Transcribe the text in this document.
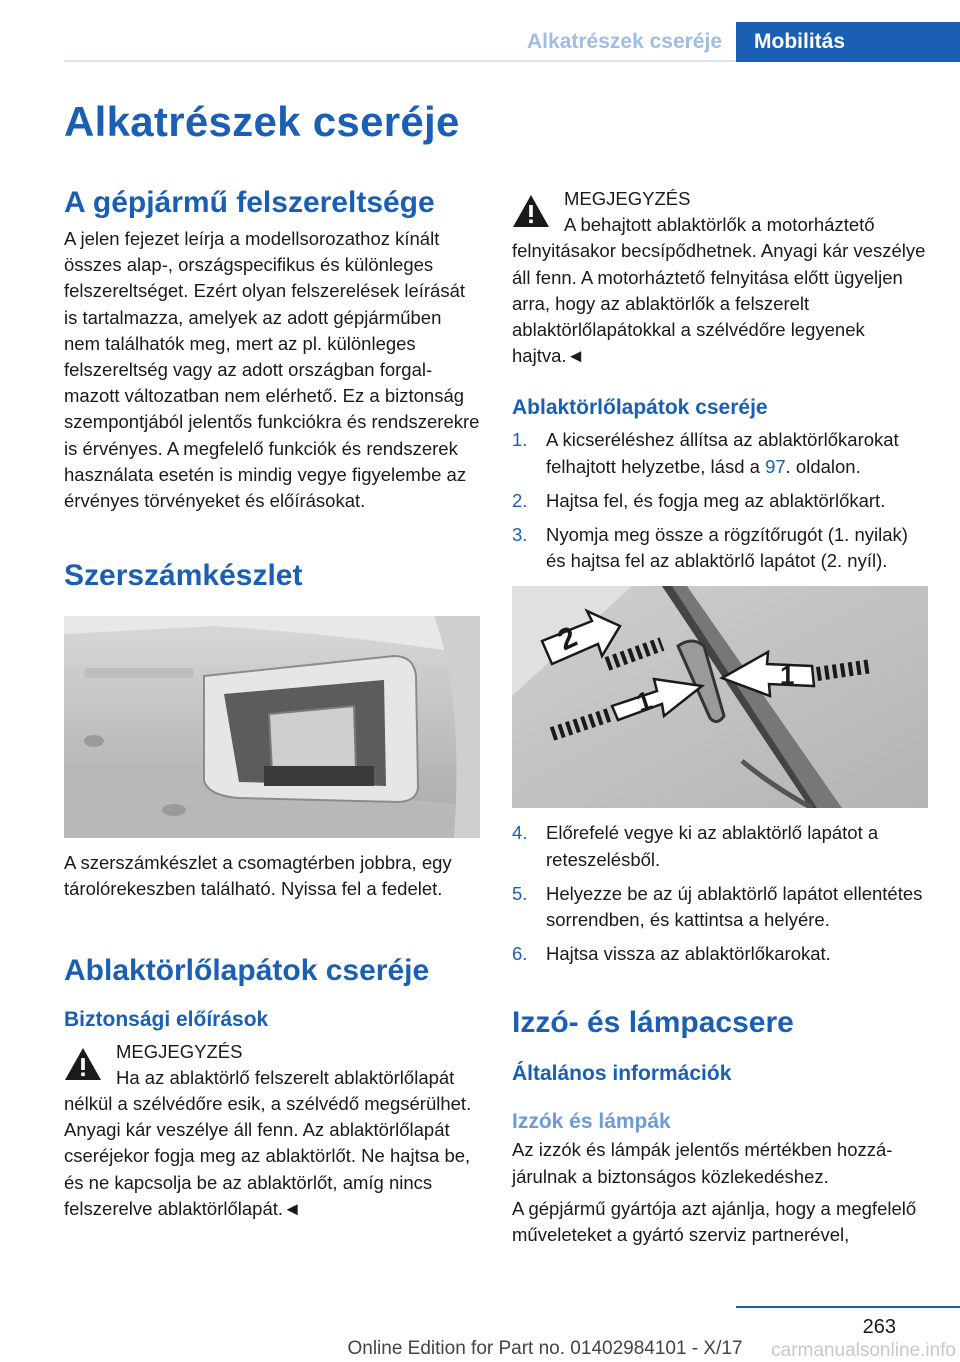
Alkatrészek cseréje	Mobilitás
Alkatrészek cseréje
A gépjármű felszereltsége

A jelen fejezet leírja a modellsorozathoz kínált összes alap-, országspecifikus és különleges felszereltséget. Ezért olyan felszerelések leírását is tartalmazza, amelyek az adott gépjárműben nem találhatók meg, mert az pl. különleges felszereltség vagy az adott országban forgalmazott változatban nem elérhető. Ez a biztonság szempontjából jelentős funkciókra és rendszerekre is érvényes. A megfelelő funkciók és rendszerek használata esetén is mindig vegye figyelembe az érvényes törvényeket és előírásokat.

Szerszámkészlet

A szerszámkészlet a csomagtérben jobbra, egy tárolórekeszben található. Nyissa fel a fedelet.

Ablaktörlőlapátok cseréje
Biztonsági előírások
MEGJEGYZÉS

Ha az ablaktörlő felszerelt ablaktörlőlapát nélkül a szélvédőre esik, a szélvédő megsérülhet. Anyagi kár veszélye áll fenn. Az ablaktörlőlapát cseréjekor fogja meg az ablaktörlőt. Ne hajtsa be, és ne kapcsolja be az ablaktörlőt, amíg nincs felszerelve ablaktörlőlapát.◄

MEGJEGYZÉS

A behajtott ablaktörlők a motorháztető felnyitásakor becsípődhetnek. Anyagi kár veszélye áll fenn. A motorháztető felnyitása előtt ügyeljen arra, hogy az ablaktörlők a felszerelt ablaktörlőlapátokkal a szélvédőre legyenek hajtva.◄

Ablaktörlőlapátok cseréje
1. A kicseréléshez állítsa az ablaktörlőkarokat felhajtott helyzetbe, lásd a 97. oldalon.
2. Hajtsa fel, és fogja meg az ablaktörlőkart.
3. Nyomja meg össze a rögzítőrugót (1. nyilak) és hajtsa fel az ablaktörlő lapátot (2. nyíl).
2
1
1
4. Előrefelé vegye ki az ablaktörlő lapátot a reteszelésből.
5. Helyezze be az új ablaktörlő lapátot ellentétes sorrendben, és kattintsa a helyére.
6. Hajtsa vissza az ablaktörlőkarokat.
Izzó- és lámpacsere
Általános információk
Izzók és lámpák

Az izzók és lámpák jelentős mértékben hozzájárulnak a biztonságos közlekedéshez.

A gépjármű gyártója azt ajánlja, hogy a megfelelő műveleteket a gyártó szerviz partnerével,

263
Online Edition for Part no. 01402984101 - X/17	carmanualsonline.info
